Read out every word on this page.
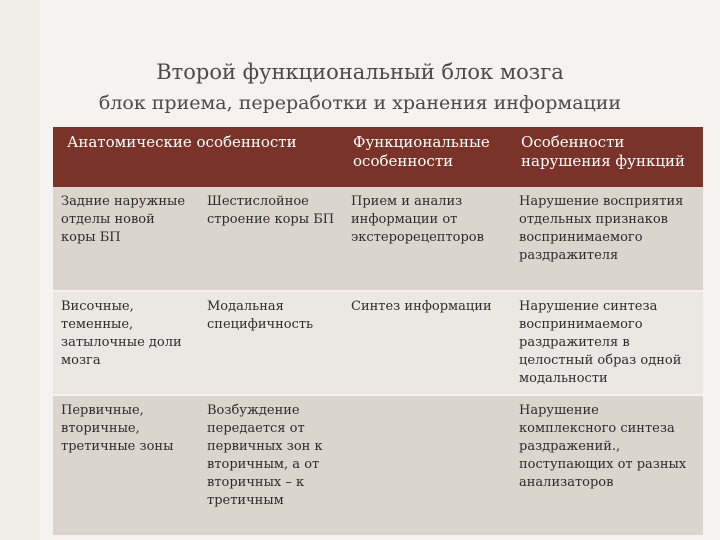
Второй функциональный блок мозга
блок приема, переработки и хранения информации
Анатомические особенности		Функциональные особенности	Особенности нарушения функций
Задние наружные отделы новой коры БП	Шестислойное строение коры БП	Прием и анализ информации от экстерорецепторов	Нарушение восприятия отдельных признаков воспринимаемого раздражителя
Височные, теменные, затылочные доли мозга	Модальная специфичность	Синтез информации	Нарушение синтеза воспринимаемого раздражителя в целостный образ одной модальности
Первичные, вторичные, третичные зоны	Возбуждение передается от первичных зон к вторичным, а от вторичных – к третичным		Нарушение комплексного синтеза раздражений., поступающих от разных анализаторов
